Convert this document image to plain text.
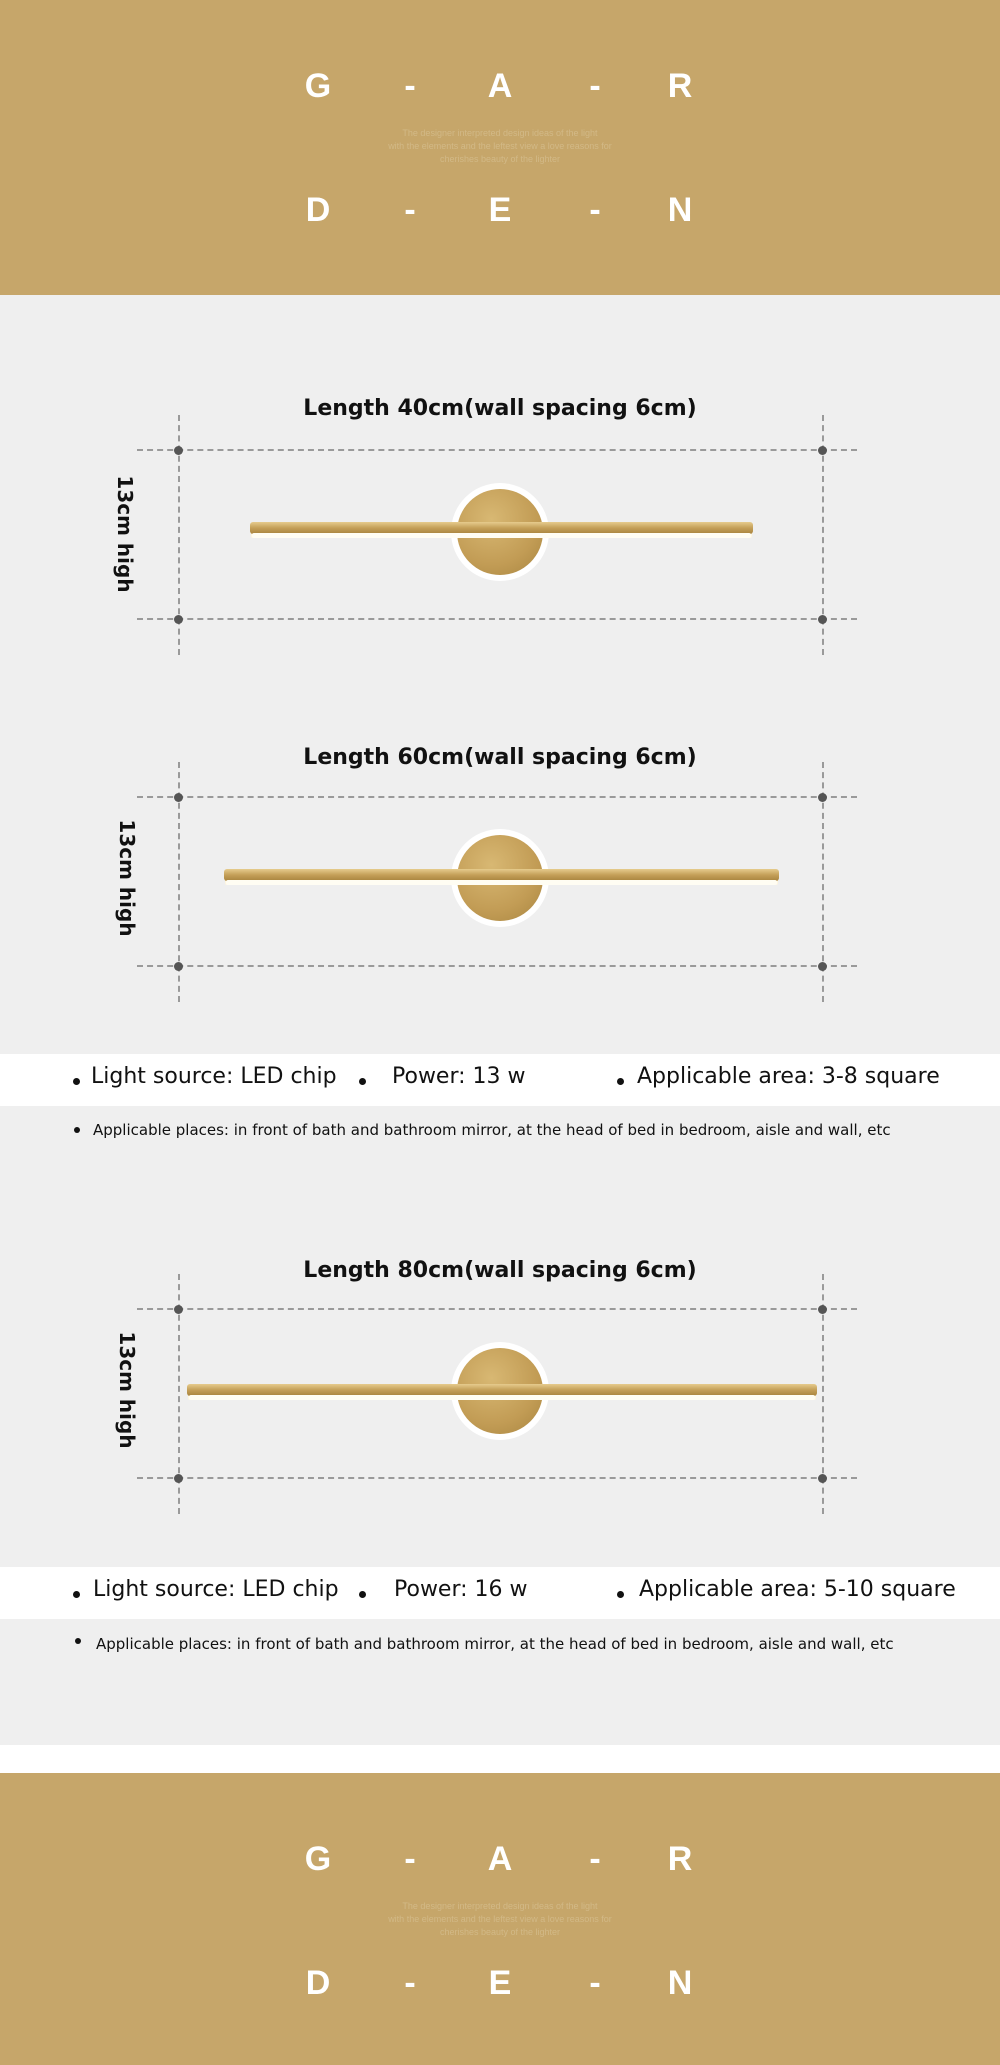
G	-	A	-	R
The designer interpreted design ideas of the light
with the elements and the leftest view a love reasons for
cherishes beauty of the lighter
D	-	E	-	N
Length 40cm(wall spacing 6cm)
13cm high
Length 60cm(wall spacing 6cm)
13cm high
Light source: LED chip	Power: 13 w	Applicable area: 3-8 square
Applicable places: in front of bath and bathroom mirror, at the head of bed in bedroom, aisle and wall, etc
Length 80cm(wall spacing 6cm)
13cm high
Light source: LED chip	Power: 16 w	Applicable area: 5-10 square
Applicable places: in front of bath and bathroom mirror, at the head of bed in bedroom, aisle and wall, etc
G	-	A	-	R
The designer interpreted design ideas of the light
with the elements and the leftest view a love reasons for
cherishes beauty of the lighter
D	-	E	-	N
